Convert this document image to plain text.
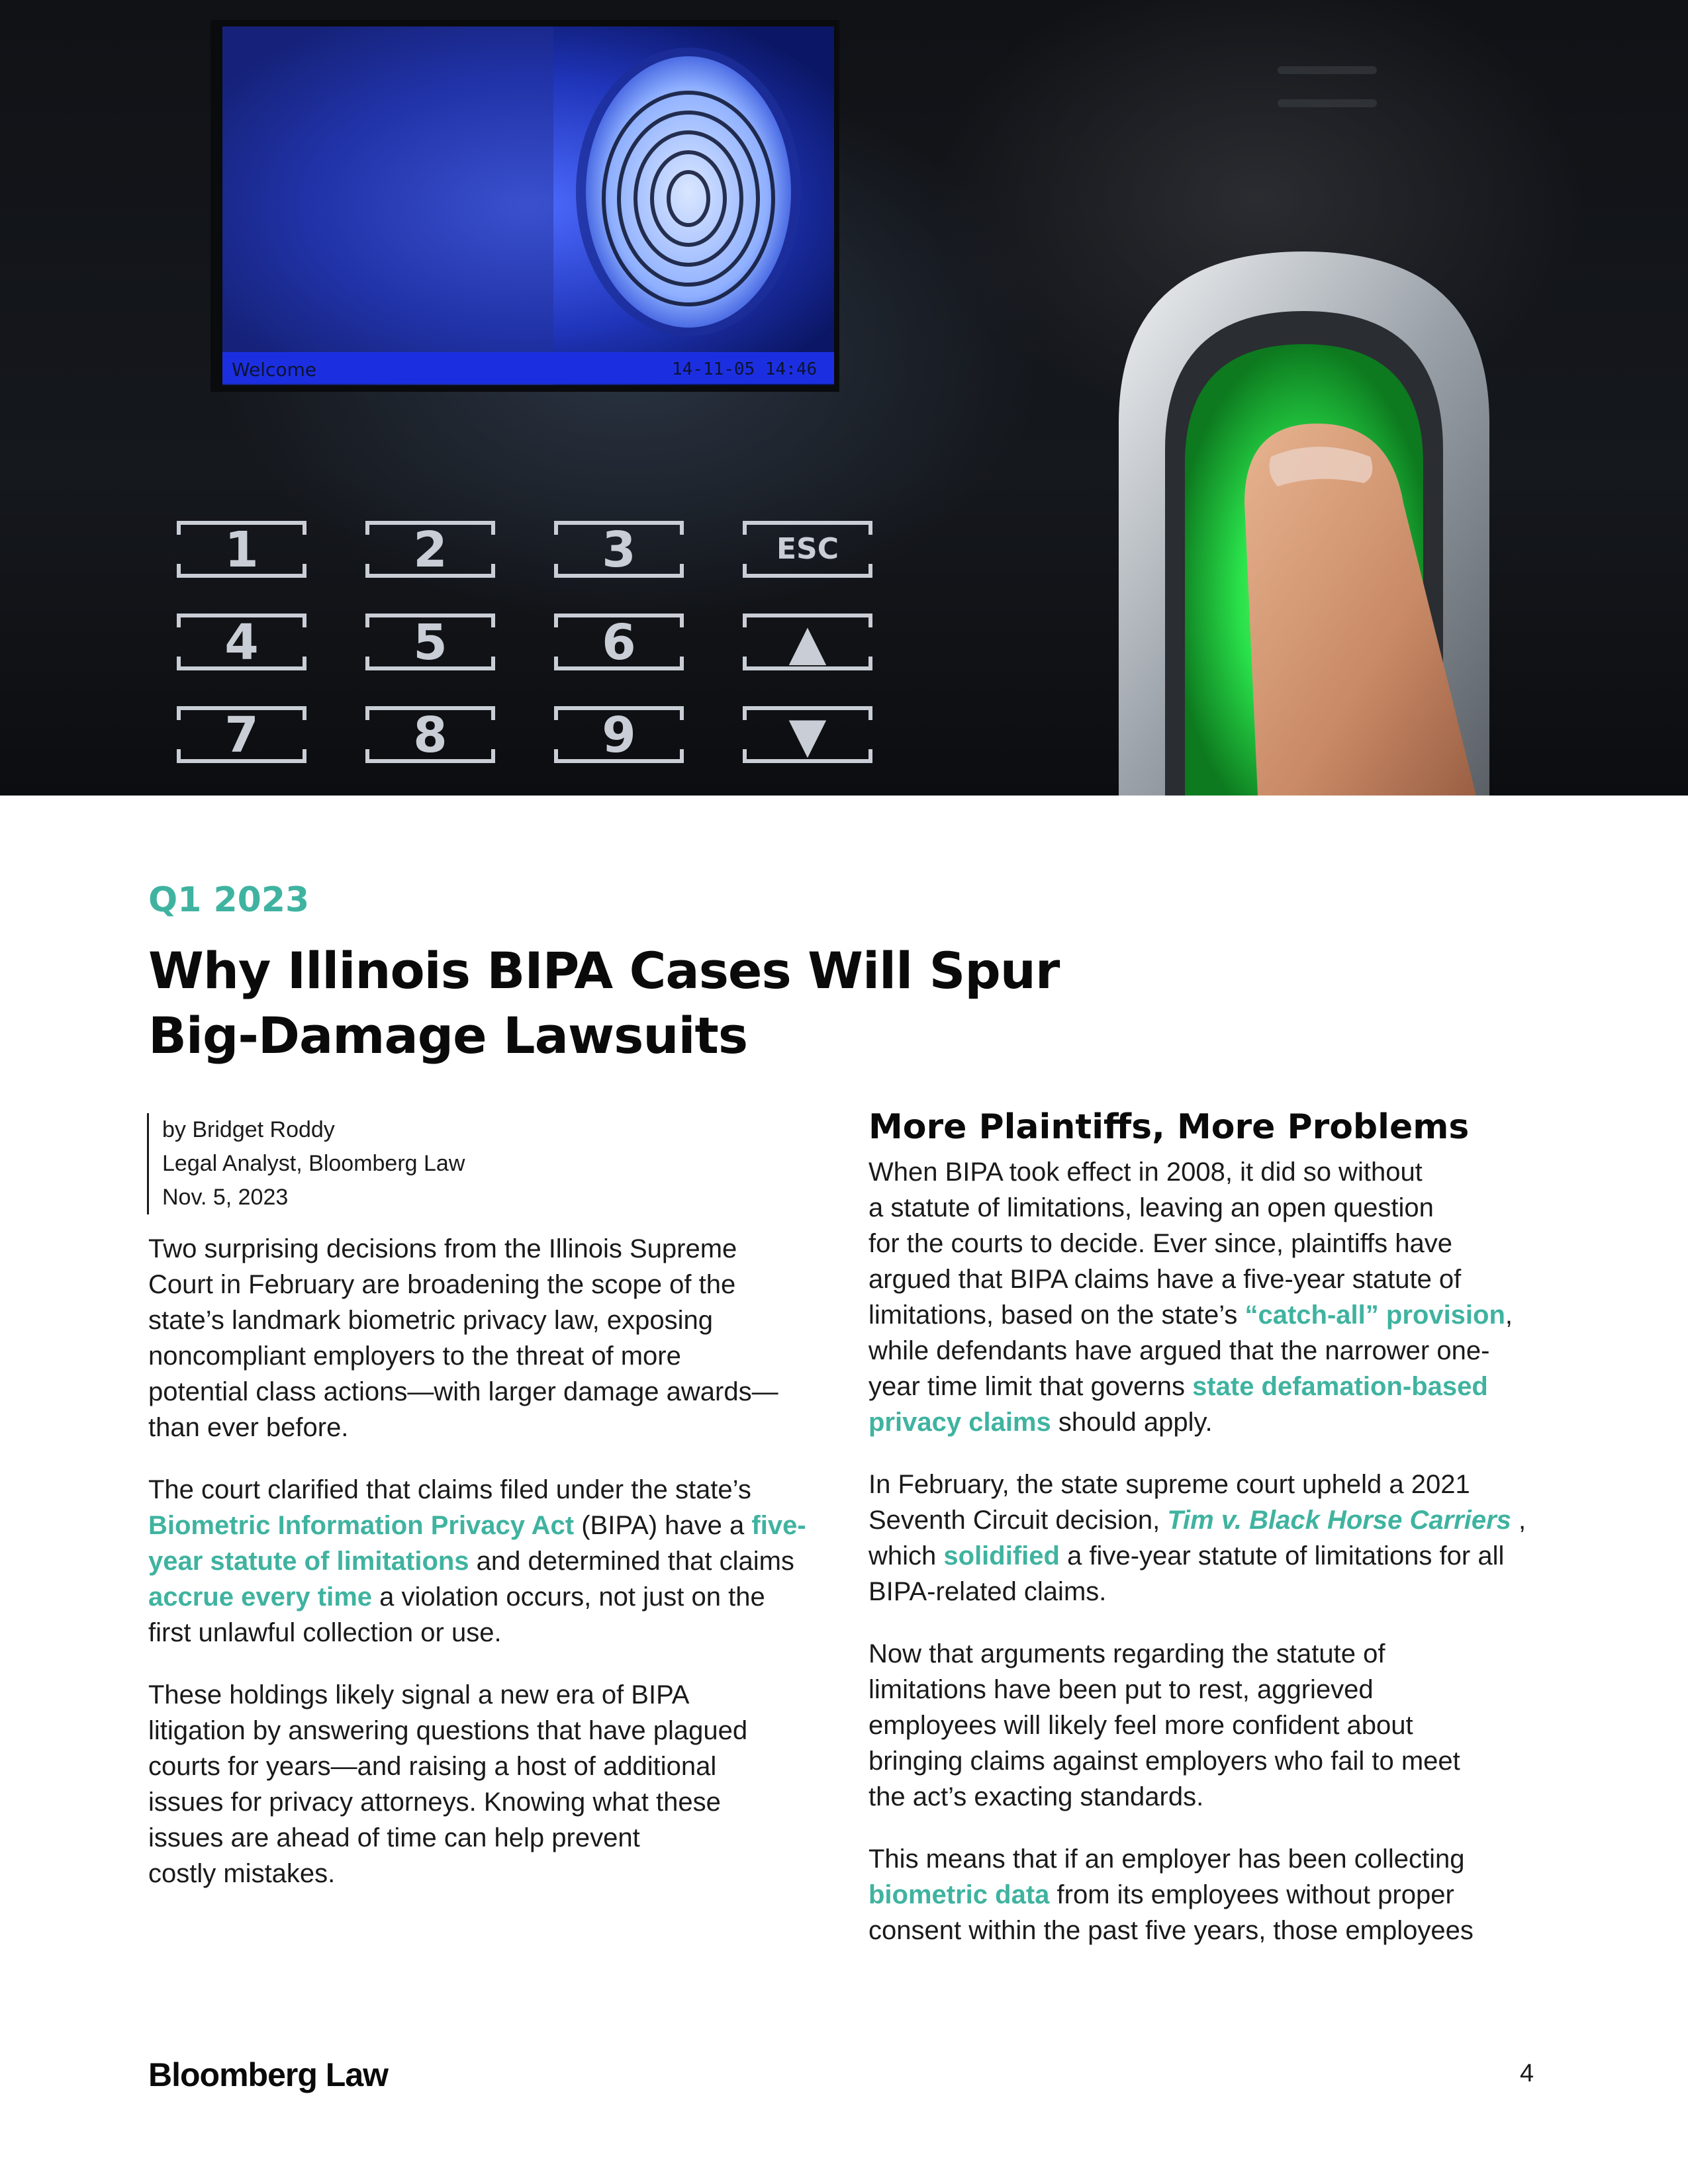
Welcome	14-11-05 14:46
1	2	3	ESC
4	5	6	▲
7	8	9	▼
Q1 2023
Why Illinois BIPA Cases Will Spur
Big-Damage Lawsuits
by Bridget Roddy
Legal Analyst, Bloomberg Law
Nov. 5, 2023

Two surprising decisions from the Illinois Supreme
Court in February are broadening the scope of the
state’s landmark biometric privacy law, exposing
noncompliant employers to the threat of more
potential class actions—with larger damage awards—
than ever before.

The court clarified that claims filed under the state’s
Biometric Information Privacy Act (BIPA) have a five-
year statute of limitations and determined that claims
accrue every time a violation occurs, not just on the
first unlawful collection or use.

These holdings likely signal a new era of BIPA
litigation by answering questions that have plagued
courts for years—and raising a host of additional
issues for privacy attorneys. Knowing what these
issues are ahead of time can help prevent
costly mistakes.

More Plaintiffs, More Problems

When BIPA took effect in 2008, it did so without
a statute of limitations, leaving an open question
for the courts to decide. Ever since, plaintiffs have
argued that BIPA claims have a five-year statute of
limitations, based on the state’s “catch-all” provision,
while defendants have argued that the narrower one-
year time limit that governs state defamation-based
privacy claims should apply.

In February, the state supreme court upheld a 2021
Seventh Circuit decision, Tim v. Black Horse Carriers ,
which solidified a five-year statute of limitations for all
BIPA-related claims.

Now that arguments regarding the statute of
limitations have been put to rest, aggrieved
employees will likely feel more confident about
bringing claims against employers who fail to meet
the act’s exacting standards.

This means that if an employer has been collecting
biometric data from its employees without proper
consent within the past five years, those employees

Bloomberg Law	4
